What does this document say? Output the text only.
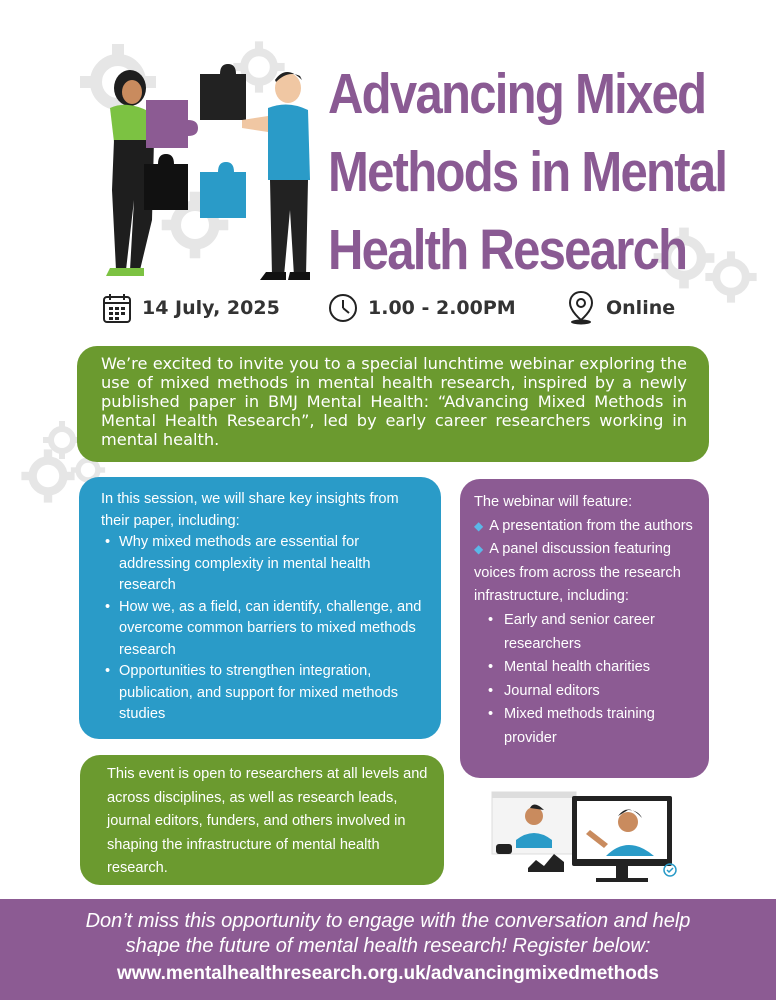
Advancing Mixed
Methods in Mental
Health Research
14 July, 2025	1.00 - 2.00PM	Online

We’re excited to invite you to a special lunchtime webinar exploring the use of mixed methods in mental health research, inspired by a newly published paper in BMJ Mental Health: “Advancing Mixed Methods in Mental Health Research”, led by early career researchers working in mental health.

In this session, we will share key insights from their paper, including:

• Why mixed methods are essential for addressing complexity in mental health research
• How we, as a field, can identify, challenge, and overcome common barriers to mixed methods research
• Opportunities to strengthen integration, publication, and support for mixed methods studies

The webinar will feature:

◆ A presentation from the authors

◆ A panel discussion featuring voices from across the research infrastructure, including:

• Early and senior career researchers
• Mental health charities
• Journal editors
• Mixed methods training provider

This event is open to researchers at all levels and across disciplines, as well as research leads, journal editors, funders, and others involved in shaping the infrastructure of mental health research.

Don’t miss this opportunity to engage with the conversation and help
shape the future of mental health research! Register below:
www.mentalhealthresearch.org.uk/advancingmixedmethods
